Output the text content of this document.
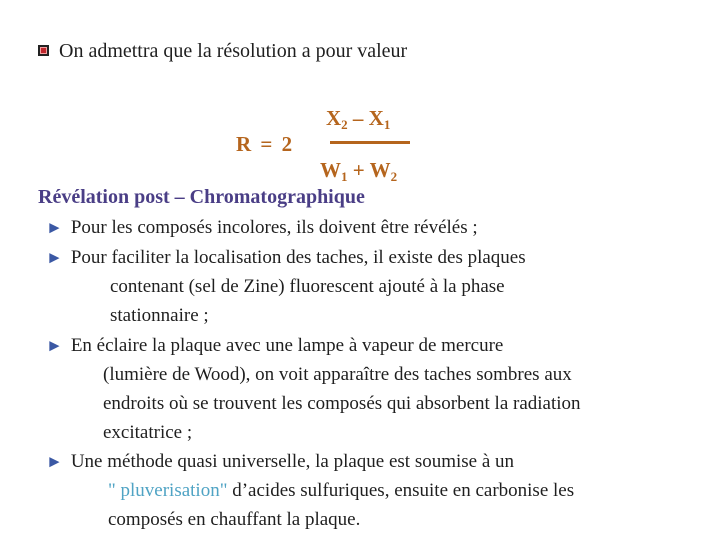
On admettra que la résolution a pour valeur
R = 2
$X_2 - X_1$
$W_1 + W_2$
Révélation post – Chromatographique
► Pour les composés incolores, ils doivent être révélés ;
► Pour faciliter la localisation des taches, il existe des plaques
contenant (sel de Zine) fluorescent ajouté à la phase
stationnaire ;
► En éclaire la plaque avec une lampe à vapeur de mercure
(lumière de Wood), on voit apparaître des taches sombres aux
endroits où se trouvent les composés qui absorbent la radiation
excitatrice ;
► Une méthode quasi universelle, la plaque est soumise à un
" pluverisation" d’acides sulfuriques, ensuite en carbonise les
composés en chauffant la plaque.
